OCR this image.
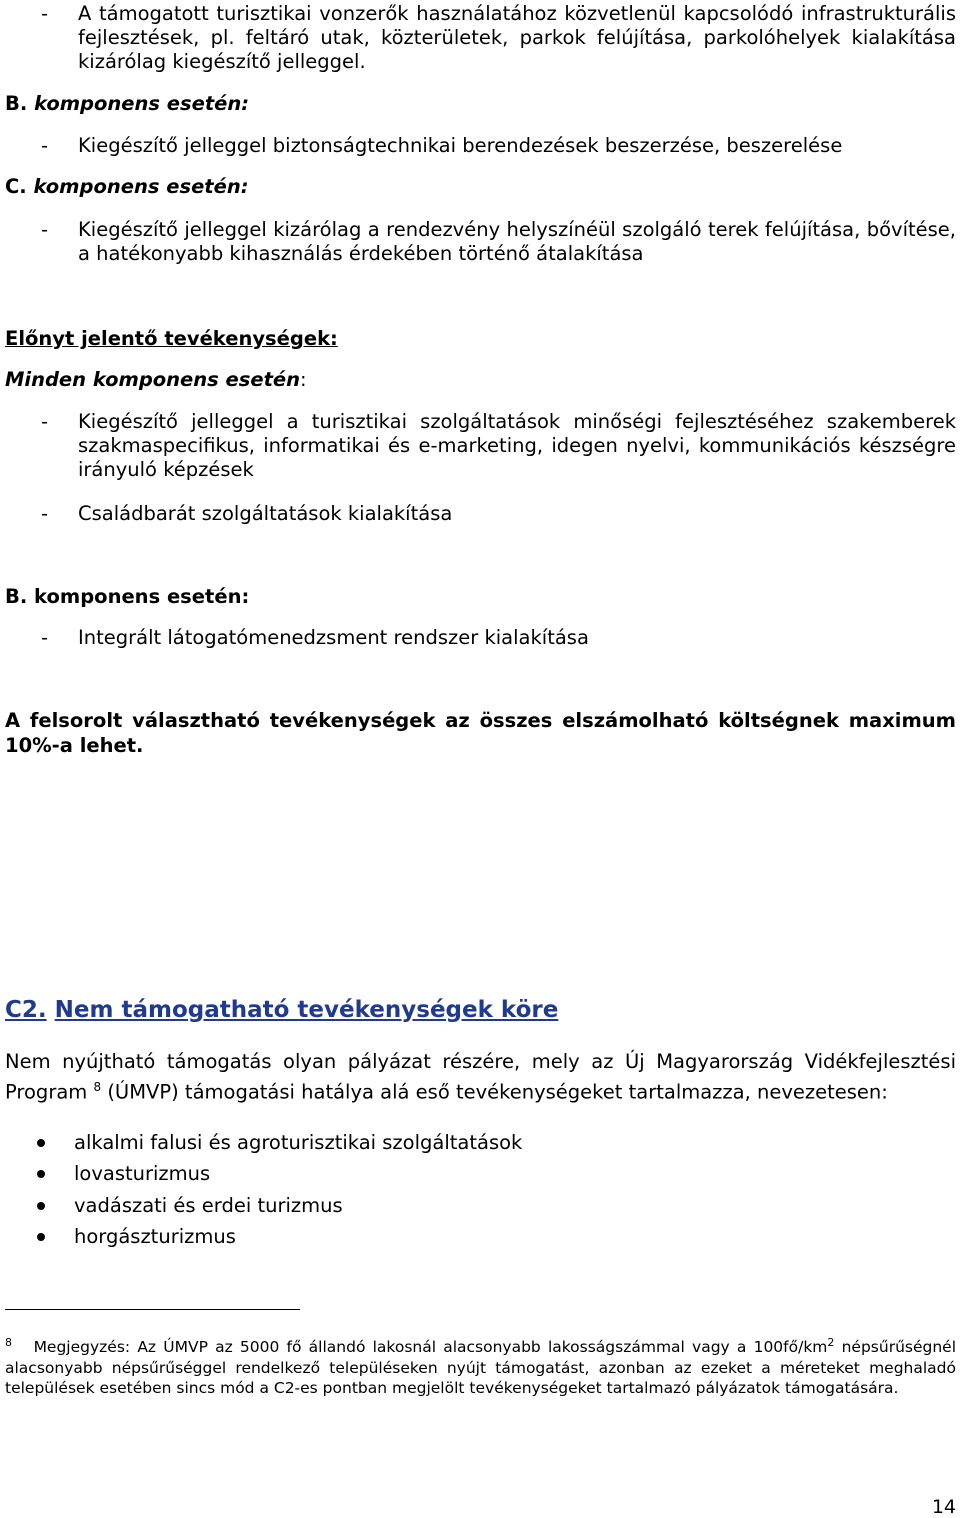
- A támogatott turisztikai vonzerők használatához közvetlenül kapcsolódó infrastrukturális fejlesztések, pl. feltáró utak, közterületek, parkok felújítása, parkolóhelyek kialakítása kizárólag kiegészítő jelleggel.
B. komponens esetén:
- Kiegészítő jelleggel biztonságtechnikai berendezések beszerzése, beszerelése
C. komponens esetén:
- Kiegészítő jelleggel kizárólag a rendezvény helyszínéül szolgáló terek felújítása, bővítése, a hatékonyabb kihasználás érdekében történő átalakítása
Előnyt jelentő tevékenységek:
Minden komponens esetén:
- Kiegészítő jelleggel a turisztikai szolgáltatások minőségi fejlesztéséhez szakemberek szakmaspecifikus, informatikai és e-marketing, idegen nyelvi, kommunikációs készségre irányuló képzések
- Családbarát szolgáltatások kialakítása
B. komponens esetén:
- Integrált látogatómenedzsment rendszer kialakítása
A felsorolt választható tevékenységek az összes elszámolható költségnek maximum 10%-a lehet.
C2. Nem támogatható tevékenységek köre
Nem nyújtható támogatás olyan pályázat részére, mely az Új Magyarország Vidékfejlesztési Program $^8$ (ÚMVP) támogatási hatálya alá eső tevékenységeket tartalmazza, nevezetesen:
alkalmi falusi és agroturisztikai szolgáltatások
lovasturizmus
vadászati és erdei turizmus
horgászturizmus
$^8$ Megjegyzés: Az ÚMVP az 5000 fő állandó lakosnál alacsonyabb lakosságszámmal vagy a $100fő/km^2$ népsűrűségnél alacsonyabb népsűrűséggel rendelkező településeken nyújt támogatást, azonban az ezeket a méreteket meghaladó települések esetében sincs mód a C2-es pontban megjelölt tevékenységeket tartalmazó pályázatok támogatására.
14
